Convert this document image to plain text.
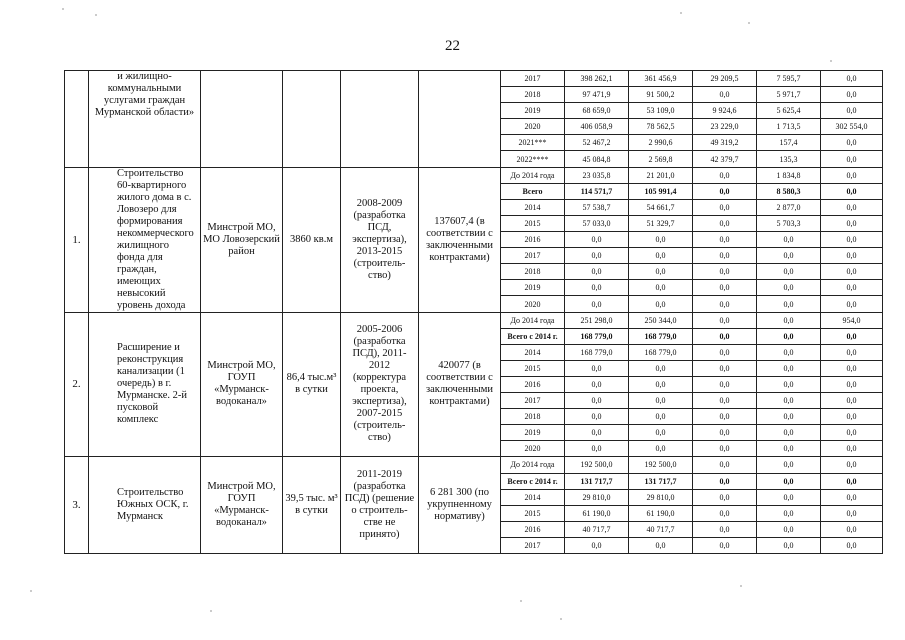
22
	и жилищно-коммунальными услугами граждан Мурманской области»					2017	398 262,1	361 456,9	29 209,5	7 595,7	0,0
						2018	97 471,9	91 500,2	0,0	5 971,7	0,0
						2019	68 659,0	53 109,0	9 924,6	5 625,4	0,0
						2020	406 058,9	78 562,5	23 229,0	1 713,5	302 554,0
						2021***	52 467,2	2 990,6	49 319,2	157,4	0,0
						2022****	45 084,8	2 569,8	42 379,7	135,3	0,0
1.	Строительство 60-квартирного жилого дома в с. Ловозеро для формирования некоммерческого жилищного фонда для граждан, имеющих невысокий уровень дохода	Минстрой МО, МО Ловозерский район	3860 кв.м	2008-2009 (разработка ПСД, экспертиза), 2013-2015 (строитель-ство)	137607,4 (в соответствии с заключенными контрактами)	До 2014 года	23 035,8	21 201,0	0,0	1 834,8	0,0
						Всего	114 571,7	105 991,4	0,0	8 580,3	0,0
						2014	57 538,7	54 661,7	0,0	2 877,0	0,0
						2015	57 033,0	51 329,7	0,0	5 703,3	0,0
						2016	0,0	0,0	0,0	0,0	0,0
						2017	0,0	0,0	0,0	0,0	0,0
						2018	0,0	0,0	0,0	0,0	0,0
						2019	0,0	0,0	0,0	0,0	0,0
						2020	0,0	0,0	0,0	0,0	0,0
2.	Расширение и реконструкция канализации (1 очередь) в г. Мурманске. 2-й пусковой комплекс	Минстрой МО, ГОУП «Мурманск-водоканал»	86,4 тыс.м³ в сутки	2005-2006 (разработка ПСД), 2011-2012 (корректура проекта, экспертиза), 2007-2015 (строитель-ство)	420077 (в соответствии с заключенными контрактами)	До 2014 года	251 298,0	250 344,0	0,0	0,0	954,0
						Всего с 2014 г.	168 779,0	168 779,0	0,0	0,0	0,0
						2014	168 779,0	168 779,0	0,0	0,0	0,0
						2015	0,0	0,0	0,0	0,0	0,0
						2016	0,0	0,0	0,0	0,0	0,0
						2017	0,0	0,0	0,0	0,0	0,0
						2018	0,0	0,0	0,0	0,0	0,0
						2019	0,0	0,0	0,0	0,0	0,0
						2020	0,0	0,0	0,0	0,0	0,0
3.	Строительство Южных ОСК, г. Мурманск	Минстрой МО, ГОУП «Мурманск-водоканал»	39,5 тыс. м³ в сутки	2011-2019 (разработка ПСД) (решение о строитель-стве не принято)	6 281 300 (по укрупненному нормативу)	До 2014 года	192 500,0	192 500,0	0,0	0,0	0,0
						Всего с 2014 г.	131 717,7	131 717,7	0,0	0,0	0,0
						2014	29 810,0	29 810,0	0,0	0,0	0,0
						2015	61 190,0	61 190,0	0,0	0,0	0,0
						2016	40 717,7	40 717,7	0,0	0,0	0,0
						2017	0,0	0,0	0,0	0,0	0,0
